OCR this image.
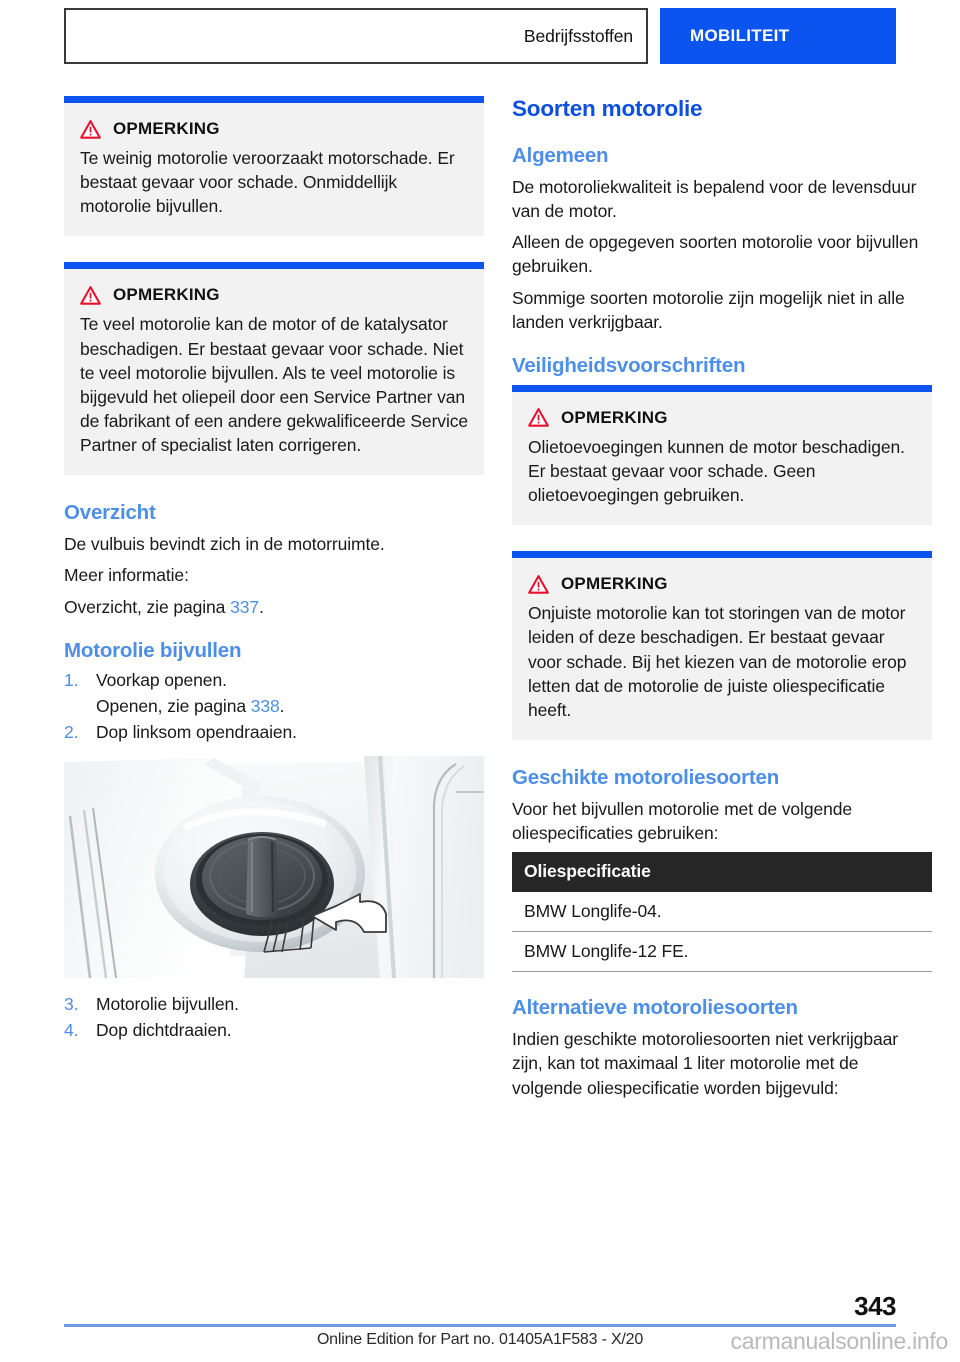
Bedrijfsstoffen	MOBILITEIT
OPMERKING
Te weinig motorolie veroorzaakt motorschade. Er bestaat gevaar voor schade. Onmiddellijk motorolie bijvullen.
OPMERKING
Te veel motorolie kan de motor of de katalysator beschadigen. Er bestaat gevaar voor schade. Niet te veel motorolie bijvullen. Als te veel motorolie is bijgevuld het oliepeil door een Service Partner van de fabrikant of een andere gekwalificeerde Service Partner of specialist laten corrigeren.
Overzicht

De vulbuis bevindt zich in de motorruimte.

Meer informatie:

Overzicht, zie pagina 337.

Motorolie bijvullen
1.	Voorkap openen.
Openen, zie pagina 338.
2.	Dop linksom opendraaien.
3.	Motorolie bijvullen.
4.	Dop dichtdraaien.
Soorten motorolie
Algemeen

De motoroliekwaliteit is bepalend voor de levensduur van de motor.

Alleen de opgegeven soorten motorolie voor bijvullen gebruiken.

Sommige soorten motorolie zijn mogelijk niet in alle landen verkrijgbaar.

Veiligheidsvoorschriften
OPMERKING
Olietoevoegingen kunnen de motor beschadigen. Er bestaat gevaar voor schade. Geen olietoevoegingen gebruiken.
OPMERKING
Onjuiste motorolie kan tot storingen van de motor leiden of deze beschadigen. Er bestaat gevaar voor schade. Bij het kiezen van de motorolie erop letten dat de motorolie de juiste oliespecificatie heeft.
Geschikte motoroliesoorten

Voor het bijvullen motorolie met de volgende oliespecificaties gebruiken:

Oliespecificatie
BMW Longlife-04.
BMW Longlife-12 FE.
Alternatieve motoroliesoorten

Indien geschikte motoroliesoorten niet verkrijgbaar zijn, kan tot maximaal 1 liter motorolie met de volgende oliespecificatie worden bijgevuld:

343
Online Edition for Part no. 01405A1F583 - X/20	carmanualsonline.info
